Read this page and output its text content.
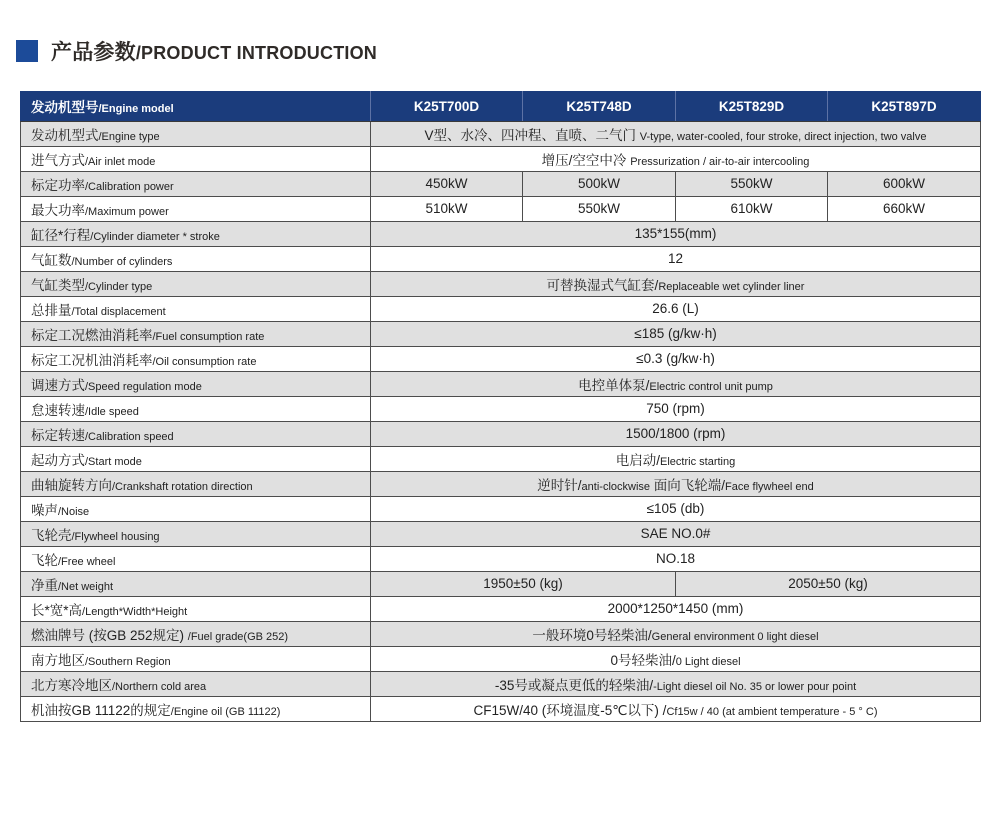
产品参数 /PRODUCT INTRODUCTION
发动机型号/Engine model	K25T700D	K25T748D	K25T829D	K25T897D
发动机型式/Engine type	V型、水冷、四冲程、直喷、二气门 V-type, water-cooled, four stroke, direct injection, two valve			
进气方式/Air inlet mode	增压/空空中冷 Pressurization / air-to-air intercooling			
标定功率/Calibration power	450kW	500kW	550kW	600kW
最大功率/Maximum power	510kW	550kW	610kW	660kW
缸径*行程/Cylinder diameter * stroke	135*155(mm)			
气缸数/Number of cylinders	12			
气缸类型/Cylinder type	可替换湿式气缸套/Replaceable wet cylinder liner			
总排量/Total displacement	26.6 (L)			
标定工况燃油消耗率/Fuel consumption rate	≤185 (g/kw·h)			
标定工况机油消耗率/Oil consumption rate	≤0.3 (g/kw·h)			
调速方式/Speed regulation mode	电控单体泵/Electric control unit pump			
怠速转速/Idle speed	750 (rpm)			
标定转速/Calibration speed	1500/1800 (rpm)			
起动方式/Start mode	电启动/Electric starting			
曲轴旋转方向/Crankshaft rotation direction	逆时针/anti-clockwise 面向飞轮端/Face flywheel end			
噪声/Noise	≤105 (db)			
飞轮壳/Flywheel housing	SAE NO.0#			
飞轮/Free wheel	NO.18			
净重/Net weight	1950±50 (kg)		2050±50 (kg)	
长*宽*高/Length*Width*Height	2000*1250*1450 (mm)			
燃油牌号 (按GB 252规定) /Fuel grade(GB 252)	一般环境0号轻柴油/General environment 0 light diesel			
南方地区/Southern Region	0号轻柴油/0 Light diesel			
北方寒冷地区/Northern cold area	-35号或凝点更低的轻柴油/-Light diesel oil No. 35 or lower pour point			
机油按GB 11122的规定/Engine oil (GB 11122)	CF15W/40 (环境温度-5℃以下) /Cf15w / 40 (at ambient temperature - 5 ° C)			
